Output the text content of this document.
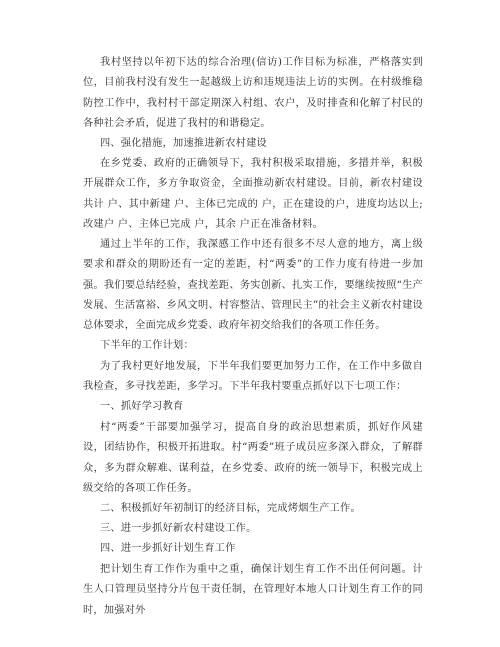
我村坚持以年初下达的综合治理(信访)工作目标为标准，严格落实到位，目前我村没有发生一起越级上访和违规违法上访的实例。在村级维稳防控工作中，我村村干部定期深入村组、农户，及时排查和化解了村民的各种社会矛盾，促进了我村的和谐稳定。

四、强化措施，加速推进新农村建设

在乡党委、政府的正确领导下，我村积极采取措施，多措并举，积极开展群众工作，多方争取资金，全面推动新农村建设。目前，新农村建设共计 户、其中新建 户、主体已完成的 户，正在建设的户，进度均达以上;改建户 户、主体已完成 户，其余 户正在准备材料。

通过上半年的工作，我深感工作中还有很多不尽人意的地方，离上级要求和群众的期盼还有一定的差距，村“两委”的工作力度有待进一步加强。我们要总结经验，查找差距、务实创新、扎实工作，要继续按照“生产发展、生活富裕、乡风文明、村容整洁、管理民主”的社会主义新农村建设总体要求，全面完成乡党委、政府年初交给我们的各项工作任务。

下半年的工作计划：

为了我村更好地发展，下半年我们要更加努力工作，在工作中多做自我检查，多寻找差距，多学习。下半年我村要重点抓好以下七项工作：

一、抓好学习教育

村“两委”干部要加强学习，提高自身的政治思想素质，抓好作风建设，团结协作，积极开拓进取。村“两委”班子成员应多深入群众，了解群众，多为群众解难、谋利益，在乡党委、政府的统一领导下，积极完成上级交给的各项工作任务。

二、积极抓好年初制订的经济目标，完成烤烟生产工作。

三、进一步抓好新农村建设工作。

四、进一步抓好计划生育工作

把计划生育工作作为重中之重，确保计划生育工作不出任何问题。计生人口管理员坚持分片包干责任制，在管理好本地人口计划生育工作的同时，加强对外
